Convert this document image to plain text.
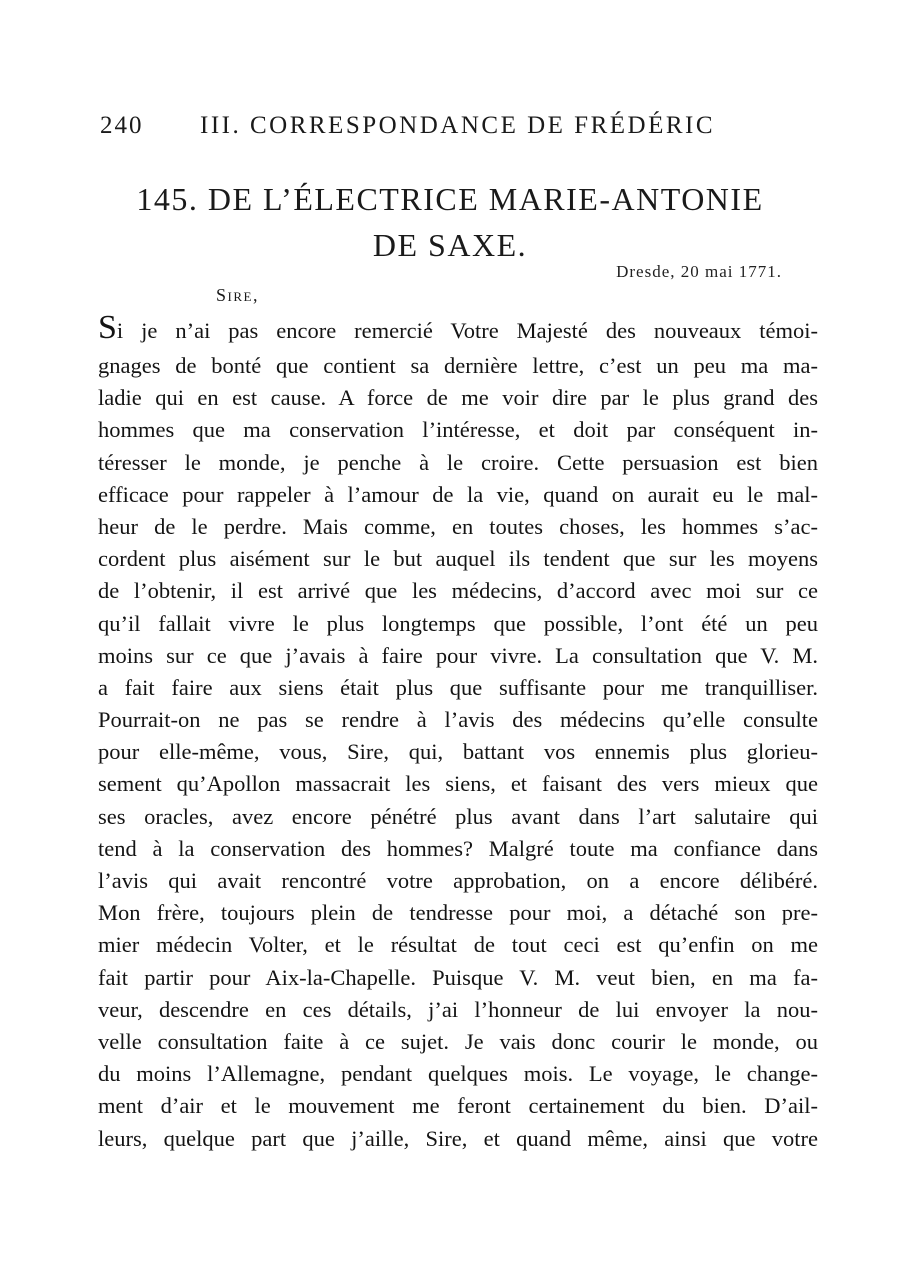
240 III. CORRESPONDANCE DE FRÉDÉRIC
145. DE L’ÉLECTRICE MARIE-ANTONIE
DE SAXE.
Dresde, 20 mai 1771.
Sire,
Si je n’ai pas encore remercié Votre Majesté des nouveaux témoi-
gnages de bonté que contient sa dernière lettre, c’est un peu ma ma-
ladie qui en est cause. A force de me voir dire par le plus grand des
hommes que ma conservation l’intéresse, et doit par conséquent in-
téresser le monde, je penche à le croire. Cette persuasion est bien
efficace pour rappeler à l’amour de la vie, quand on aurait eu le mal-
heur de le perdre. Mais comme, en toutes choses, les hommes s’ac-
cordent plus aisément sur le but auquel ils tendent que sur les moyens
de l’obtenir, il est arrivé que les médecins, d’accord avec moi sur ce
qu’il fallait vivre le plus longtemps que possible, l’ont été un peu
moins sur ce que j’avais à faire pour vivre. La consultation que V. M.
a fait faire aux siens était plus que suffisante pour me tranquilliser.
Pourrait-on ne pas se rendre à l’avis des médecins qu’elle consulte
pour elle-même, vous, Sire, qui, battant vos ennemis plus glorieu-
sement qu’Apollon massacrait les siens, et faisant des vers mieux que
ses oracles, avez encore pénétré plus avant dans l’art salutaire qui
tend à la conservation des hommes? Malgré toute ma confiance dans
l’avis qui avait rencontré votre approbation, on a encore délibéré.
Mon frère, toujours plein de tendresse pour moi, a détaché son pre-
mier médecin Volter, et le résultat de tout ceci est qu’enfin on me
fait partir pour Aix-la-Chapelle. Puisque V. M. veut bien, en ma fa-
veur, descendre en ces détails, j’ai l’honneur de lui envoyer la nou-
velle consultation faite à ce sujet. Je vais donc courir le monde, ou
du moins l’Allemagne, pendant quelques mois. Le voyage, le change-
ment d’air et le mouvement me feront certainement du bien. D’ail-
leurs, quelque part que j’aille, Sire, et quand même, ainsi que votre
